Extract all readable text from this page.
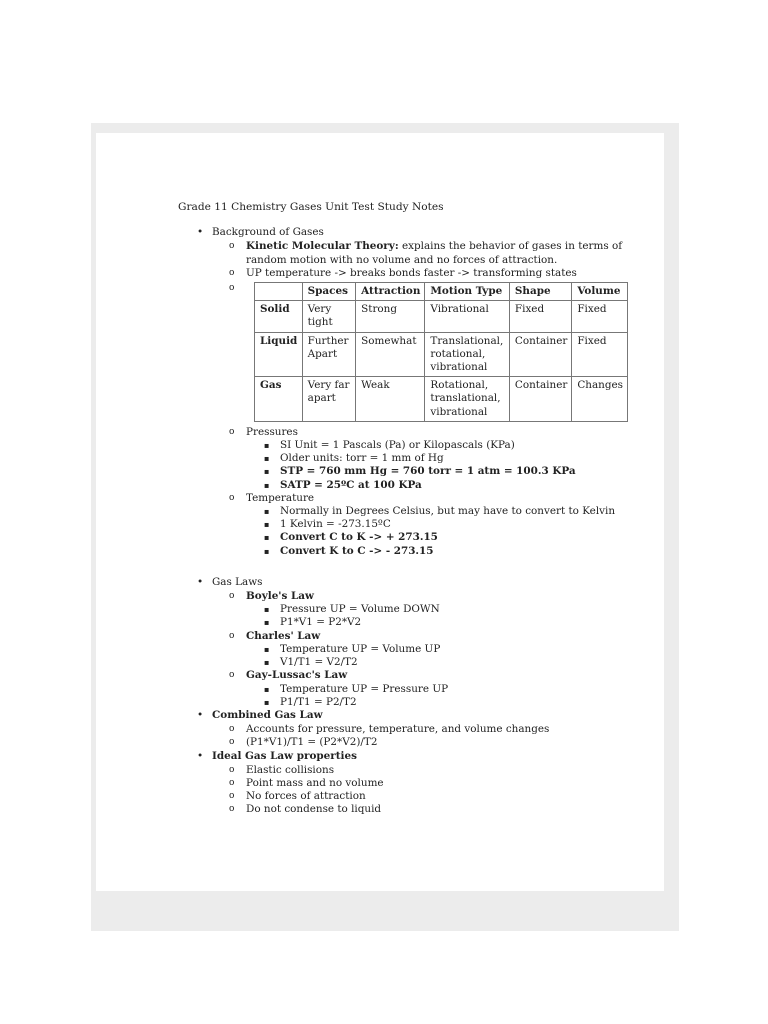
Grade 11 Chemistry Gases Unit Test Study Notes
• Background of Gases
o Kinetic Molecular Theory: explains the behavior of gases in terms of random motion with no volume and no forces of attraction.
o UP temperature -> breaks bonds faster -> transforming states
o
		Spaces	Attraction	Motion Type	Shape	Volume
Solid	Very tight	Strong	Vibrational	Fixed	Fixed
Liquid	Further Apart	Somewhat	Translational, rotational, vibrational	Container	Fixed
Gas	Very far apart	Weak	Rotational, translational, vibrational	Container	Changes
o Pressures
▪ SI Unit = 1 Pascals (Pa) or Kilopascals (KPa)
▪ Older units: torr = 1 mm of Hg
▪ STP = 760 mm Hg = 760 torr = 1 atm = 100.3 KPa
▪ SATP = 25ºC at 100 KPa
o Temperature
▪ Normally in Degrees Celsius, but may have to convert to Kelvin
▪ 1 Kelvin = -273.15ºC
▪ Convert C to K -> + 273.15
▪ Convert K to C -> - 273.15
• Gas Laws
o Boyle's Law
▪ Pressure UP = Volume DOWN
▪ P1*V1 = P2*V2
o Charles' Law
▪ Temperature UP = Volume UP
▪ V1/T1 = V2/T2
o Gay-Lussac's Law
▪ Temperature UP = Pressure UP
▪ P1/T1 = P2/T2
• Combined Gas Law
o Accounts for pressure, temperature, and volume changes
o (P1*V1)/T1 = (P2*V2)/T2
• Ideal Gas Law properties
o Elastic collisions
o Point mass and no volume
o No forces of attraction
o Do not condense to liquid
